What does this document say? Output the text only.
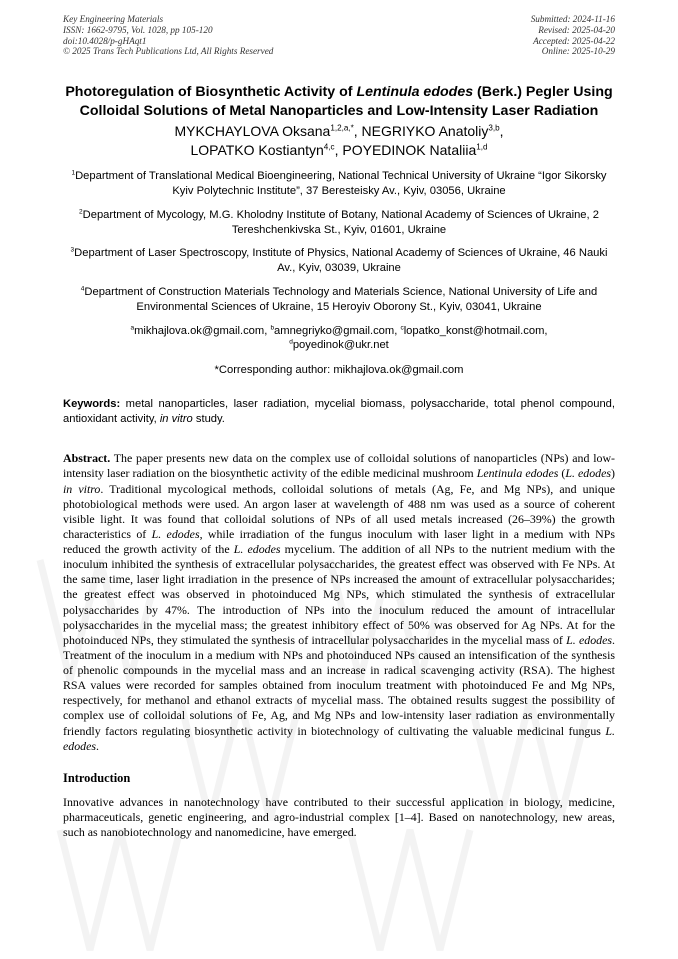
Key Engineering Materials
ISSN: 1662-9795, Vol. 1028, pp 105-120
doi:10.4028/p-gHAqt1
© 2025 Trans Tech Publications Ltd, All Rights Reserved
Submitted: 2024-11-16
Revised: 2025-04-20
Accepted: 2025-04-22
Online: 2025-10-29
Photoregulation of Biosynthetic Activity of Lentinula edodes (Berk.) Pegler Using Colloidal Solutions of Metal Nanoparticles and Low-Intensity Laser Radiation
MYKCHAYLOVA Oksana$^{1,2,a,*}$, NEGRIYKO Anatoliy$^{3,b}$,
LOPATKO Kostiantyn$^{4,c}$, POYEDINOK Nataliia$^{1,d}$
$^1$Department of Translational Medical Bioengineering, National Technical University of Ukraine “Igor Sikorsky Kyiv Polytechnic Institute”, 37 Beresteisky Av., Kyiv, 03056, Ukraine
$^2$Department of Mycology, M.G. Kholodny Institute of Botany, National Academy of Sciences of Ukraine, 2 Tereshchenkivska St., Kyiv, 01601, Ukraine
$^3$Department of Laser Spectroscopy, Institute of Physics, National Academy of Sciences of Ukraine, 46 Nauki Av., Kyiv, 03039, Ukraine
$^4$Department of Construction Materials Technology and Materials Science, National University of Life and Environmental Sciences of Ukraine, 15 Heroyiv Oborony St., Kyiv, 03041, Ukraine
$^a$mikhajlova.ok@gmail.com, $^b$amnegriyko@gmail.com, $^c$lopatko_konst@hotmail.com,
$^d$poyedinok@ukr.net
*Corresponding author: mikhajlova.ok@gmail.com
Keywords: metal nanoparticles, laser radiation, mycelial biomass, polysaccharide, total phenol compound, antioxidant activity, in vitro study.
Abstract. The paper presents new data on the complex use of colloidal solutions of nanoparticles (NPs) and low-intensity laser radiation on the biosynthetic activity of the edible medicinal mushroom Lentinula edodes (L. edodes) in vitro. Traditional mycological methods, colloidal solutions of metals (Ag, Fe, and Mg NPs), and unique photobiological methods were used. An argon laser at wavelength of 488 nm was used as a source of coherent visible light. It was found that colloidal solutions of NPs of all used metals increased (26–39%) the growth characteristics of L. edodes, while irradiation of the fungus inoculum with laser light in a medium with NPs reduced the growth activity of the L. edodes mycelium. The addition of all NPs to the nutrient medium with the inoculum inhibited the synthesis of extracellular polysaccharides, the greatest effect was observed with Fe NPs. At the same time, laser light irradiation in the presence of NPs increased the amount of extracellular polysaccharides; the greatest effect was observed in photoinduced Mg NPs, which stimulated the synthesis of extracellular polysaccharides by 47%. The introduction of NPs into the inoculum reduced the amount of intracellular polysaccharides in the mycelial mass; the greatest inhibitory effect of 50% was observed for Ag NPs. At for the photoinduced NPs, they stimulated the synthesis of intracellular polysaccharides in the mycelial mass of L. edodes. Treatment of the inoculum in a medium with NPs and photoinduced NPs caused an intensification of the synthesis of phenolic compounds in the mycelial mass and an increase in radical scavenging activity (RSA). The highest RSA values were recorded for samples obtained from inoculum treatment with photoinduced Fe and Mg NPs, respectively, for methanol and ethanol extracts of mycelial mass. The obtained results suggest the possibility of complex use of colloidal solutions of Fe, Ag, and Mg NPs and low-intensity laser radiation as environmentally friendly factors regulating biosynthetic activity in biotechnology of cultivating the valuable medicinal fungus L. edodes.
Introduction
Innovative advances in nanotechnology have contributed to their successful application in biology, medicine, pharmaceuticals, genetic engineering, and agro-industrial complex [1–4]. Based on nanotechnology, new areas, such as nanobiotechnology and nanomedicine, have emerged.
